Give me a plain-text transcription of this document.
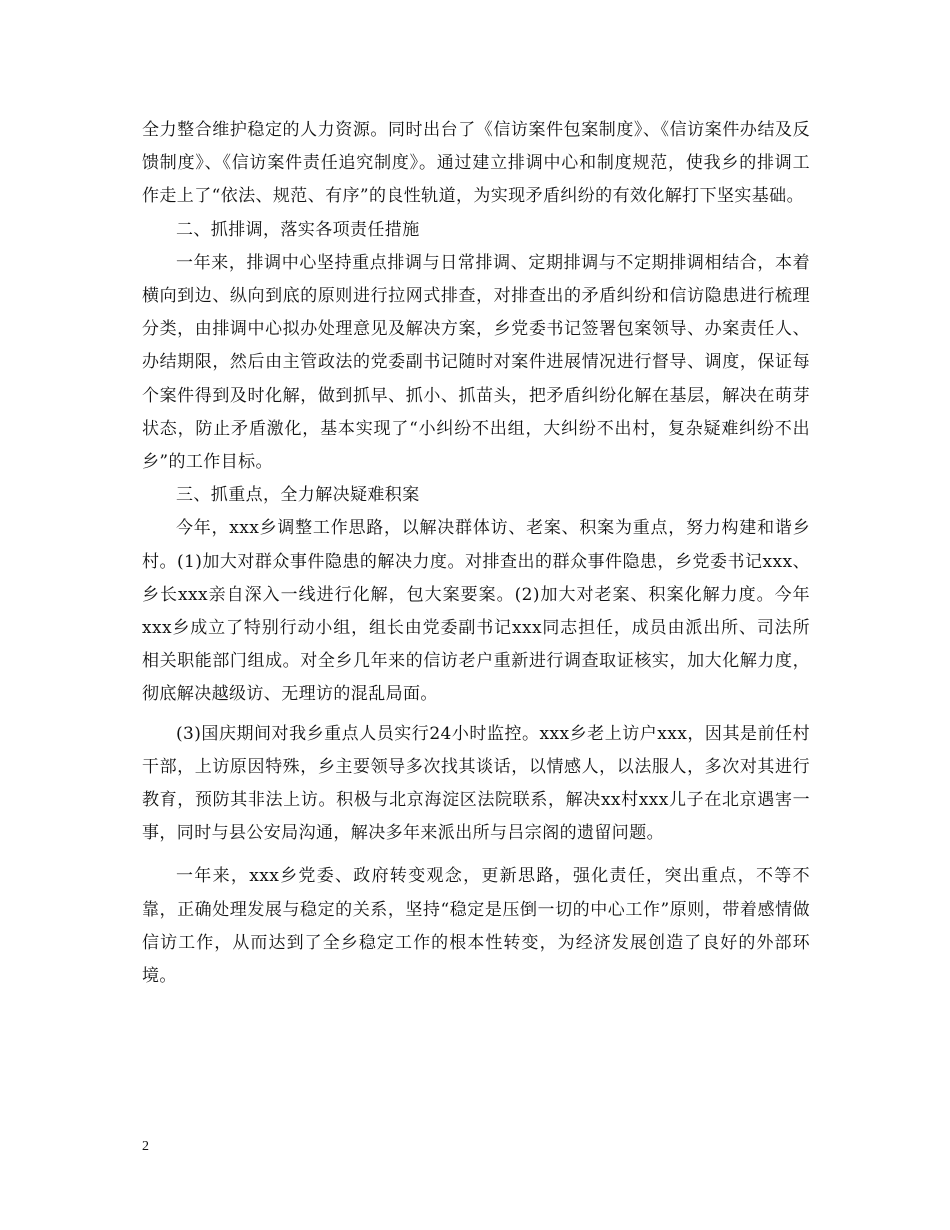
全力整合维护稳定的人力资源。同时出台了《信访案件包案制度》、《信访案件办结及反馈制度》、《信访案件责任追究制度》。通过建立排调中心和制度规范，使我乡的排调工作走上了“依法、规范、有序”的良性轨道，为实现矛盾纠纷的有效化解打下坚实基础。

二、抓排调，落实各项责任措施

一年来，排调中心坚持重点排调与日常排调、定期排调与不定期排调相结合，本着横向到边、纵向到底的原则进行拉网式排查，对排查出的矛盾纠纷和信访隐患进行梳理分类，由排调中心拟办处理意见及解决方案，乡党委书记签署包案领导、办案责任人、办结期限，然后由主管政法的党委副书记随时对案件进展情况进行督导、调度，保证每个案件得到及时化解，做到抓早、抓小、抓苗头，把矛盾纠纷化解在基层，解决在萌芽状态，防止矛盾激化，基本实现了“小纠纷不出组，大纠纷不出村，复杂疑难纠纷不出乡”的工作目标。

三、抓重点，全力解决疑难积案

今年，xxx乡调整工作思路，以解决群体访、老案、积案为重点，努力构建和谐乡村。(1)加大对群众事件隐患的解决力度。对排查出的群众事件隐患，乡党委书记xxx、乡长xxx亲自深入一线进行化解，包大案要案。(2)加大对老案、积案化解力度。今年xxx乡成立了特别行动小组，组长由党委副书记xxx同志担任，成员由派出所、司法所相关职能部门组成。对全乡几年来的信访老户重新进行调查取证核实，加大化解力度，彻底解决越级访、无理访的混乱局面。

(3)国庆期间对我乡重点人员实行24小时监控。xxx乡老上访户xxx，因其是前任村干部，上访原因特殊，乡主要领导多次找其谈话，以情感人，以法服人，多次对其进行教育，预防其非法上访。积极与北京海淀区法院联系，解决xx村xxx儿子在北京遇害一事，同时与县公安局沟通，解决多年来派出所与吕宗阁的遗留问题。

一年来，xxx乡党委、政府转变观念，更新思路，强化责任，突出重点，不等不靠，正确处理发展与稳定的关系，坚持“稳定是压倒一切的中心工作”原则，带着感情做信访工作，从而达到了全乡稳定工作的根本性转变，为经济发展创造了良好的外部环境。

2
